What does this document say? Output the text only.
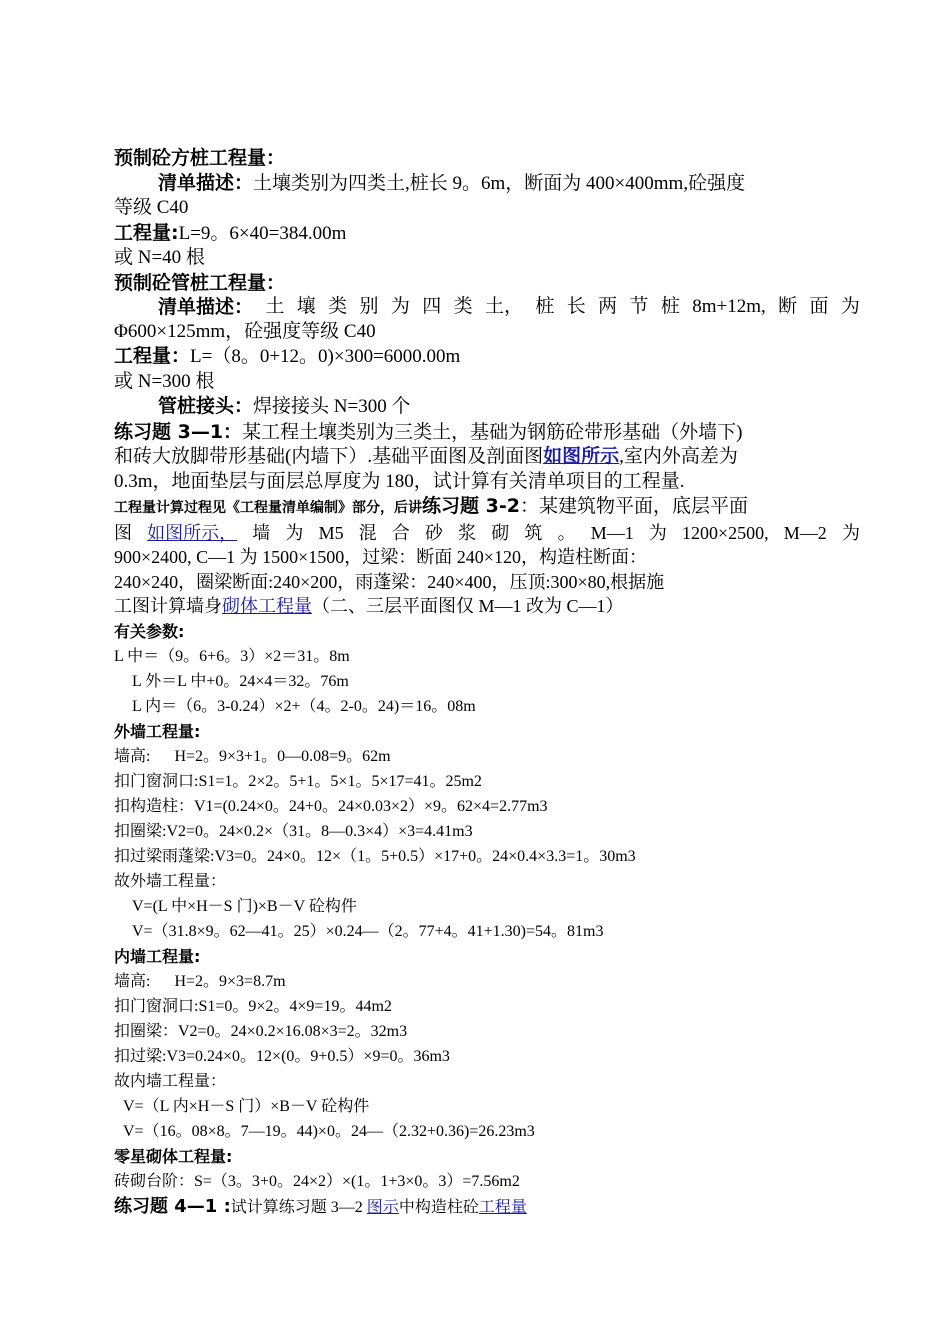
预制砼方桩工程量：
清单描述：土壤类别为四类土,桩长 9。6m，断面为 400×400mm,砼强度
等级 C40
工程量:L=9。6×40=384.00m
或 N=40 根
预制砼管桩工程量：
清单描述： 土 壤 类 别 为 四 类 土， 桩 长 两 节 桩 8m+12m, 断 面 为
Φ600×125mm，砼强度等级 C40
工程量：L=（8。0+12。0)×300=6000.00m
或 N=300 根
管桩接头：焊接接头 N=300 个
练习题 3—1：某工程土壤类别为三类土，基础为钢筋砼带形基础（外墙下)
和砖大放脚带形基础(内墙下）.基础平面图及剖面图如图所示,室内外高差为
0.3m，地面垫层与面层总厚度为 180，试计算有关清单项目的工程量.
工程量计算过程见《工程量清单编制》部分，后讲练习题 3-2：某建筑物平面，底层平面
图 如图所示， 墙 为 M5 混 合 砂 浆 砌 筑 。 M—1 为 1200×2500, M—2 为
900×2400, C—1 为 1500×1500，过梁：断面 240×120，构造柱断面：
240×240，圈梁断面:240×200，雨蓬梁：240×400，压顶:300×80,根据施
工图计算墙身砌体工程量（二、三层平面图仅 M—1 改为 C—1）
有关参数:
L 中＝（9。6+6。3）×2＝31。8m
L 外＝L 中+0。24×4＝32。76m
L 内＝（6。3-0.24）×2+（4。2-0。24)＝16。08m
外墙工程量:
墙高: H=2。9×3+1。0—0.08=9。62m
扣门窗洞口:S1=1。2×2。5+1。5×1。5×17=41。25m2
扣构造柱：V1=(0.24×0。24+0。24×0.03×2）×9。62×4=2.77m3
扣圈梁:V2=0。24×0.2×（31。8—0.3×4）×3=4.41m3
扣过梁雨蓬梁:V3=0。24×0。12×（1。5+0.5）×17+0。24×0.4×3.3=1。30m3
故外墙工程量：
V=(L 中×H－S 门)×B－V 砼构件
V=（31.8×9。62—41。25）×0.24—（2。77+4。41+1.30)=54。81m3
内墙工程量:
墙高: H=2。9×3=8.7m
扣门窗洞口:S1=0。9×2。4×9=19。44m2
扣圈梁：V2=0。24×0.2×16.08×3=2。32m3
扣过梁:V3=0.24×0。12×(0。9+0.5）×9=0。36m3
故内墙工程量：
V=（L 内×H－S 门）×B－V 砼构件
V=（16。08×8。7—19。44)×0。24—（2.32+0.36)=26.23m3
零星砌体工程量:
砖砌台阶：S=（3。3+0。24×2）×(1。1+3×0。3）=7.56m2
练习题 4—1 :试计算练习题 3—2 图示中构造柱砼工程量
